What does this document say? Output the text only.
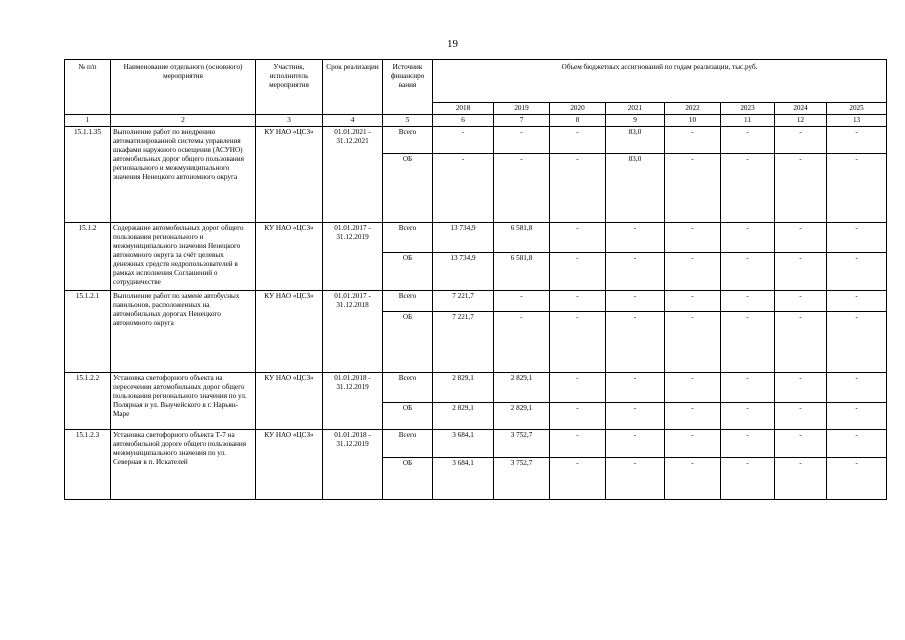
19
№ п/п	Наименование отдельного (основного) мероприятия	Участник, исполнитель мероприятия	Срок реализации	Источник финансиро вания	Объем бюджетных ассигнований по годам реализации, тыс.руб.							
					2018	2019	2020	2021	2022	2023	2024	2025
1	2	3	4	5	6	7	8	9	10	11	12	13
15.1.1.35	Выполнение работ по внедрению автоматизированной системы управления шкафами наружного освещения (АСУНО) автомобильных дорог общего пользования регионального и межмуниципального значения Ненецкого автономного округа	КУ НАО «ЦСЗ»	01.01.2021 - 31.12.2021	Всего	-	-	-	83,0	-	-	-	-
				ОБ	-	-	-	83,0	-	-	-	-
15.1.2	Содержание автомобильных дорог общего пользования регионального и межмуниципального значения Ненецкого автономного округа за счёт целевых денежных средств недропользователей в рамках исполнения Соглашений о сотрудничестве	КУ НАО «ЦСЗ»	01.01.2017 - 31.12.2019	Всего	13 734,9	6 581,8	-	-	-	-	-	-
				ОБ	13 734,9	6 581,8	-	-	-	-	-	-
15.1.2.1	Выполнение работ по замене автобусных павильонов, расположенных на автомобильных дорогах Ненецкого автономного округа	КУ НАО «ЦСЗ»	01.01.2017 - 31.12.2018	Всего	7 221,7	-	-	-	-	-	-	-
				ОБ	7 221,7	-	-	-	-	-	-	-
15.1.2.2	Установка светофорного объекта на пересечении автомобильных дорог общего пользования регионального значения по ул. Полярная и ул. Выучейского в г. Нарьян-Маре	КУ НАО «ЦСЗ»	01.01.2018 - 31.12.2019	Всего	2 829,1	2 829,1	-	-	-	-	-	-
				ОБ	2 829,1	2 829,1	-	-	-	-	-	-
15.1.2.3	Установка светофорного объекта Т-7 на автомобильной дороге общего пользования межмуниципального значения по ул. Северная в п. Искателей	КУ НАО «ЦСЗ»	01.01.2018 - 31.12.2019	Всего	3 684,1	3 752,7	-	-	-	-	-	-
				ОБ	3 684,1	3 752,7	-	-	-	-	-	-
